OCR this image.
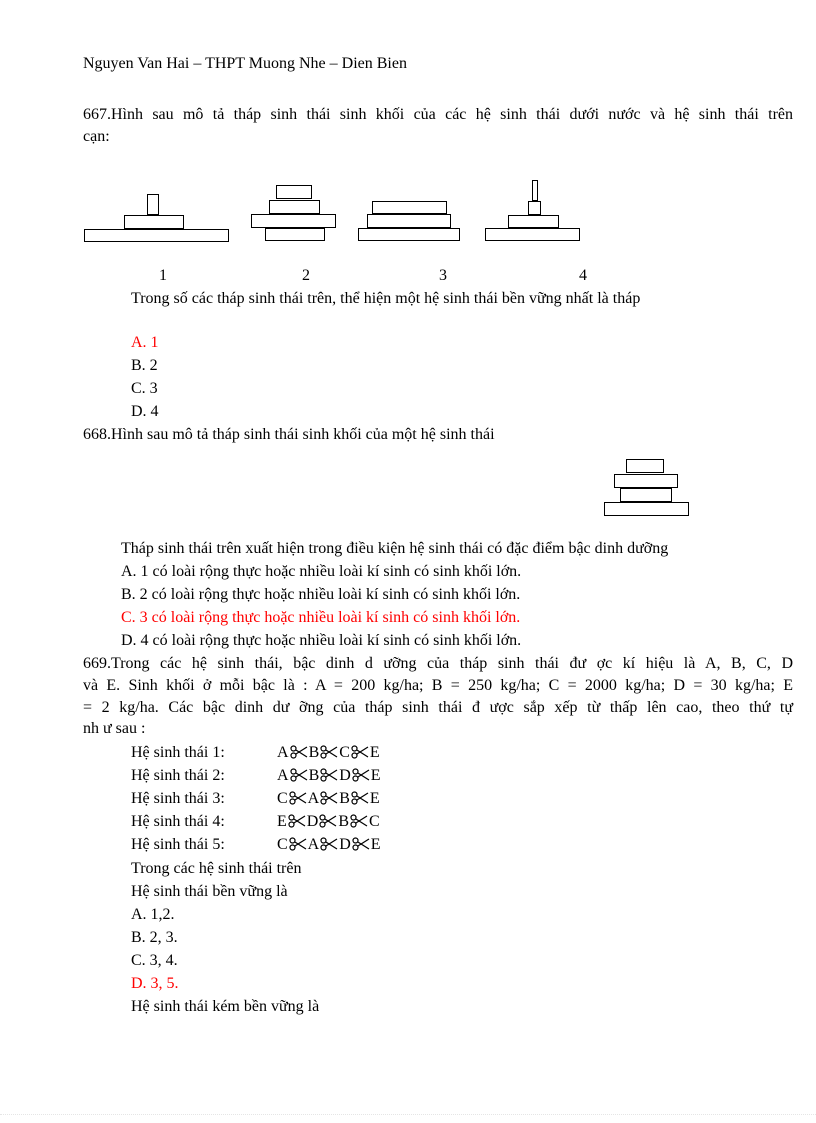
Nguyen Van Hai – THPT Muong Nhe – Dien Bien
667.Hình sau mô tả tháp sinh thái sinh khối của các hệ sinh thái dưới nước và hệ sinh thái trên
cạn:
1	2	3	4
Trong số các tháp sinh thái trên, thể hiện một hệ sinh thái bền vững nhất là tháp
A. 1
B. 2
C. 3
D. 4
668.Hình sau mô tả tháp sinh thái sinh khối của một hệ sinh thái
Tháp sinh thái trên xuất hiện trong điều kiện hệ sinh thái có đặc điểm bậc dinh dưỡng
A. 1 có loài rộng thực hoặc nhiều loài kí sinh có sinh khối lớn.
B. 2 có loài rộng thực hoặc nhiều loài kí sinh có sinh khối lớn.
C. 3 có loài rộng thực hoặc nhiều loài kí sinh có sinh khối lớn.
D. 4 có loài rộng thực hoặc nhiều loài kí sinh có sinh khối lớn.
669.Trong các hệ sinh thái, bậc dinh d ưỡng của tháp sinh thái đư ợc kí hiệu là A, B, C, D
và E. Sinh khối ở mỗi bậc là : A = 200 kg/ha; B = 250 kg/ha; C = 2000 kg/ha; D = 30 kg/ha; E
= 2 kg/ha. Các bậc dinh dư ỡng của tháp sinh thái đ ược sắp xếp từ thấp lên cao, theo thứ tự
nh ư sau :
Hệ sinh thái 1:	A B C E
Hệ sinh thái 2:	A B D E
Hệ sinh thái 3:	C A B E
Hệ sinh thái 4:	E D B C
Hệ sinh thái 5:	C A D E
Trong các hệ sinh thái trên
Hệ sinh thái bền vững là
A. 1,2.
B. 2, 3.
C. 3, 4.
D. 3, 5.
Hệ sinh thái kém bền vững là
